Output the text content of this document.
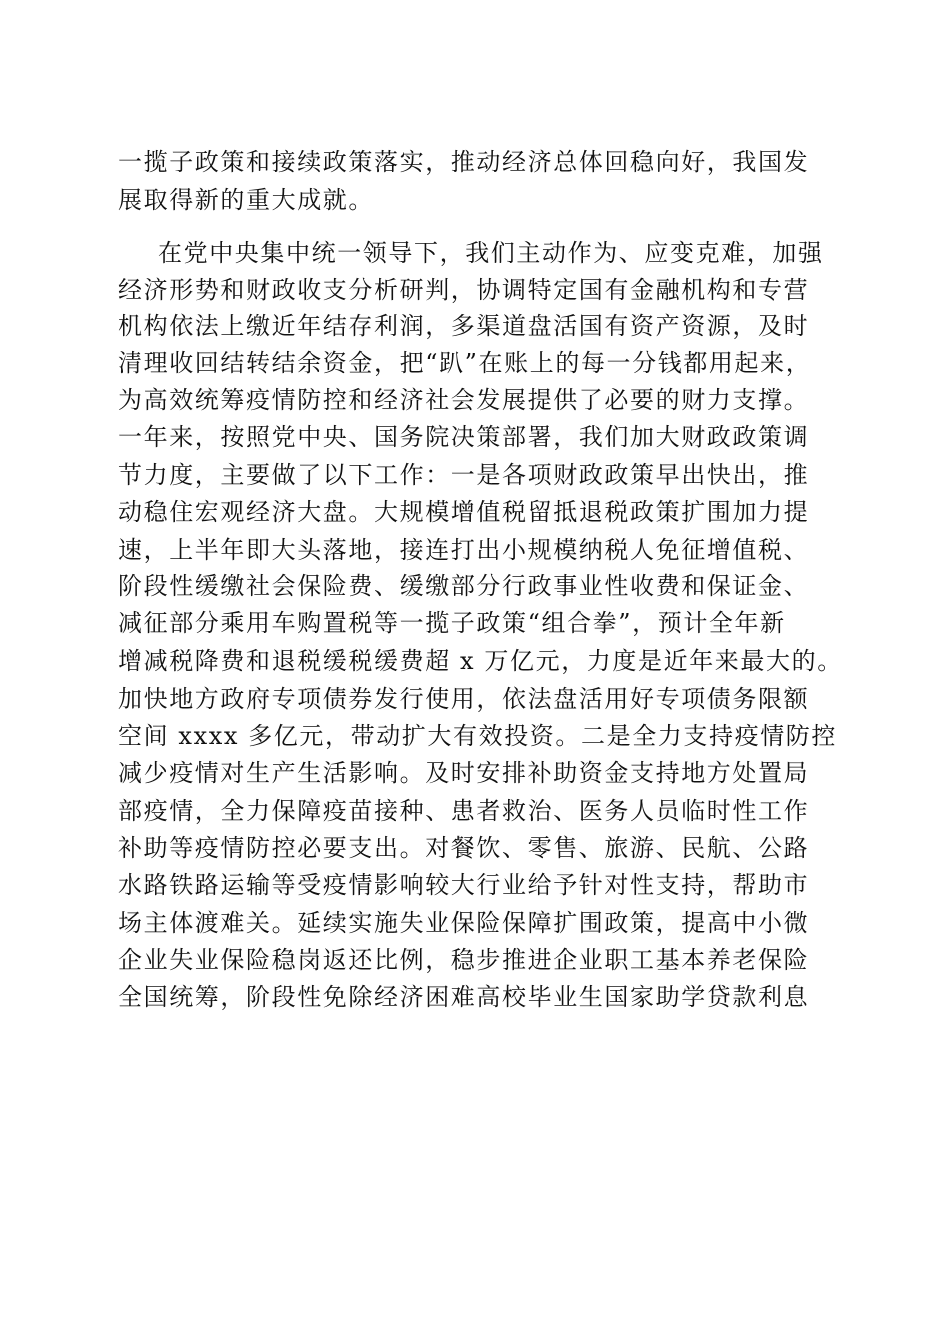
一揽子政策和接续政策落实，推动经济总体回稳向好，我国发
展取得新的重大成就。
在党中央集中统一领导下，我们主动作为、应变克难，加强
经济形势和财政收支分析研判，协调特定国有金融机构和专营
机构依法上缴近年结存利润，多渠道盘活国有资产资源，及时
清理收回结转结余资金，把“趴”在账上的每一分钱都用起来，
为高效统筹疫情防控和经济社会发展提供了必要的财力支撑。
一年来，按照党中央、国务院决策部署，我们加大财政政策调
节力度，主要做了以下工作：一是各项财政政策早出快出，推
动稳住宏观经济大盘。大规模增值税留抵退税政策扩围加力提
速，上半年即大头落地，接连打出小规模纳税人免征增值税、
阶段性缓缴社会保险费、缓缴部分行政事业性收费和保证金、
减征部分乘用车购置税等一揽子政策“组合拳”，预计全年新
增减税降费和退税缓税缓费超 x 万亿元，力度是近年来最大的。
加快地方政府专项债券发行使用，依法盘活用好专项债务限额
空间 xxxx 多亿元，带动扩大有效投资。二是全力支持疫情防控
减少疫情对生产生活影响。及时安排补助资金支持地方处置局
部疫情，全力保障疫苗接种、患者救治、医务人员临时性工作
补助等疫情防控必要支出。对餐饮、零售、旅游、民航、公路
水路铁路运输等受疫情影响较大行业给予针对性支持，帮助市
场主体渡难关。延续实施失业保险保障扩围政策，提高中小微
企业失业保险稳岗返还比例，稳步推进企业职工基本养老保险
全国统筹，阶段性免除经济困难高校毕业生国家助学贷款利息
